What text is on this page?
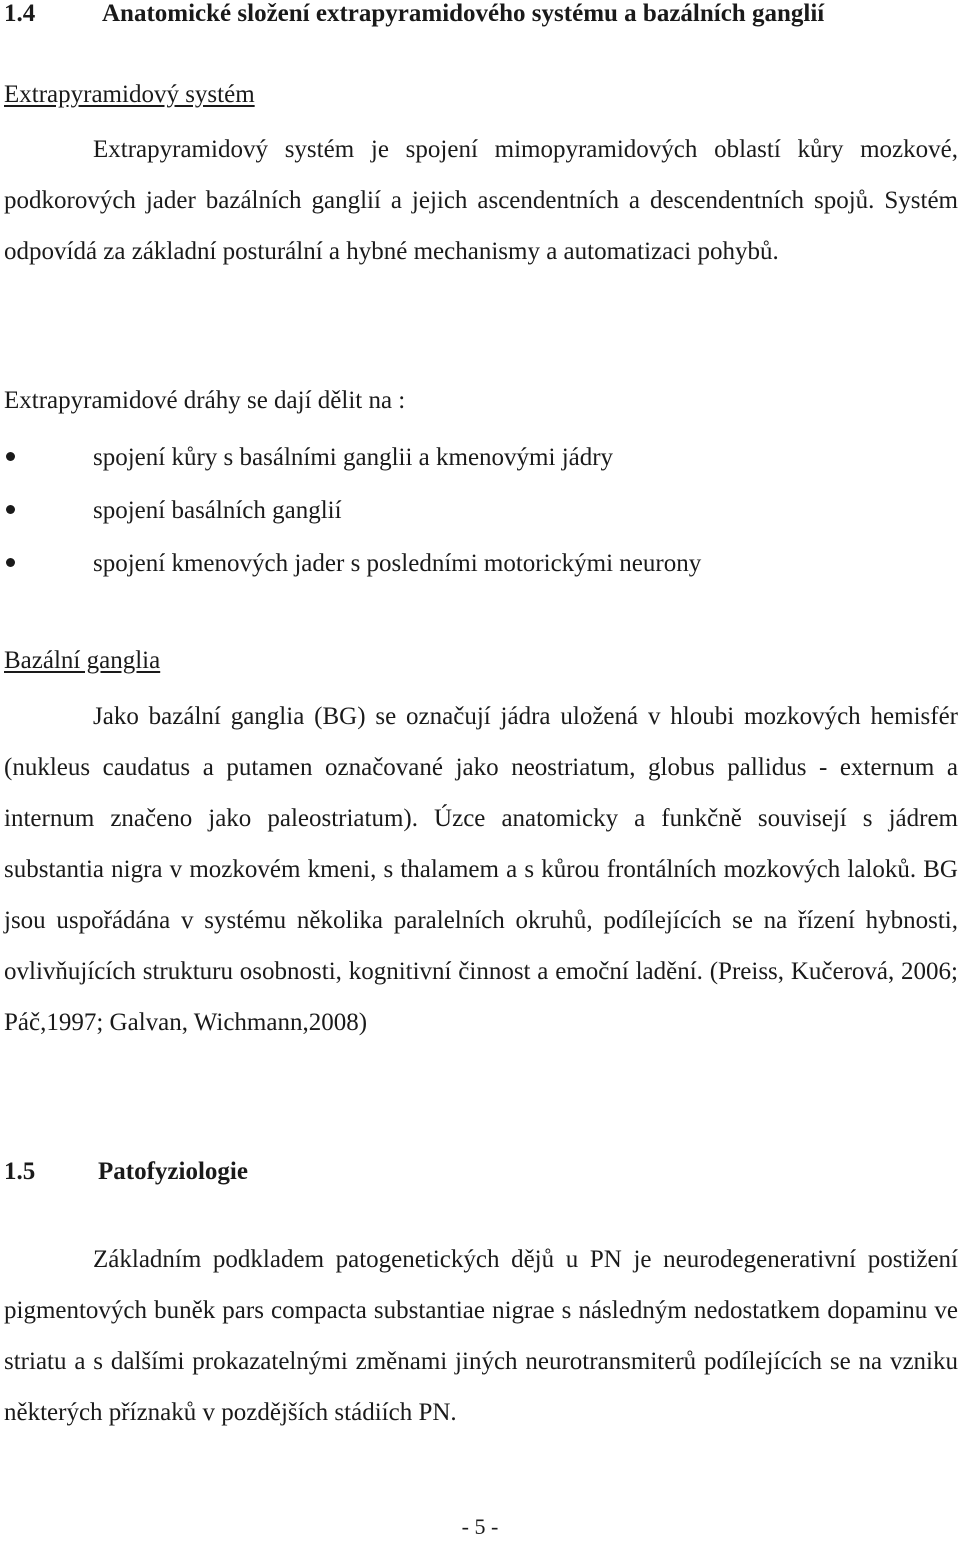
1.4	Anatomické složení extrapyramidového systému a bazálních ganglií
Extrapyramidový systém

Extrapyramidový systém je spojení mimopyramidových oblastí kůry mozkové, podkorových jader bazálních ganglií a jejich ascendentních a descendentních spojů. Systém odpovídá za základní posturální a hybné mechanismy a automatizaci pohybů.

Extrapyramidové dráhy se dají dělit na :
spojení kůry s basálními ganglii a kmenovými jádry
spojení basálních ganglií
spojení kmenových jader s posledními motorickými neurony
Bazální ganglia

Jako bazální ganglia (BG) se označují jádra uložená v hloubi mozkových hemisfér (nukleus caudatus a putamen označované jako neostriatum, globus pallidus - externum a internum značeno jako paleostriatum). Úzce anatomicky a funkčně souvisejí s jádrem substantia nigra v mozkovém kmeni, s thalamem a s kůrou frontálních mozkových laloků. BG jsou uspořádána v systému několika paralelních okruhů, podílejících se na řízení hybnosti, ovlivňujících strukturu osobnosti, kognitivní činnost a emoční ladění. (Preiss, Kučerová, 2006; Páč,1997; Galvan, Wichmann,2008)

1.5	Patofyziologie

Základním podkladem patogenetických dějů u PN je neurodegenerativní postižení pigmentových buněk pars compacta substantiae nigrae s následným nedostatkem dopaminu ve striatu a s dalšími prokazatelnými změnami jiných neurotransmiterů podílejících se na vzniku některých příznaků v pozdějších stádiích PN.

- 5 -
